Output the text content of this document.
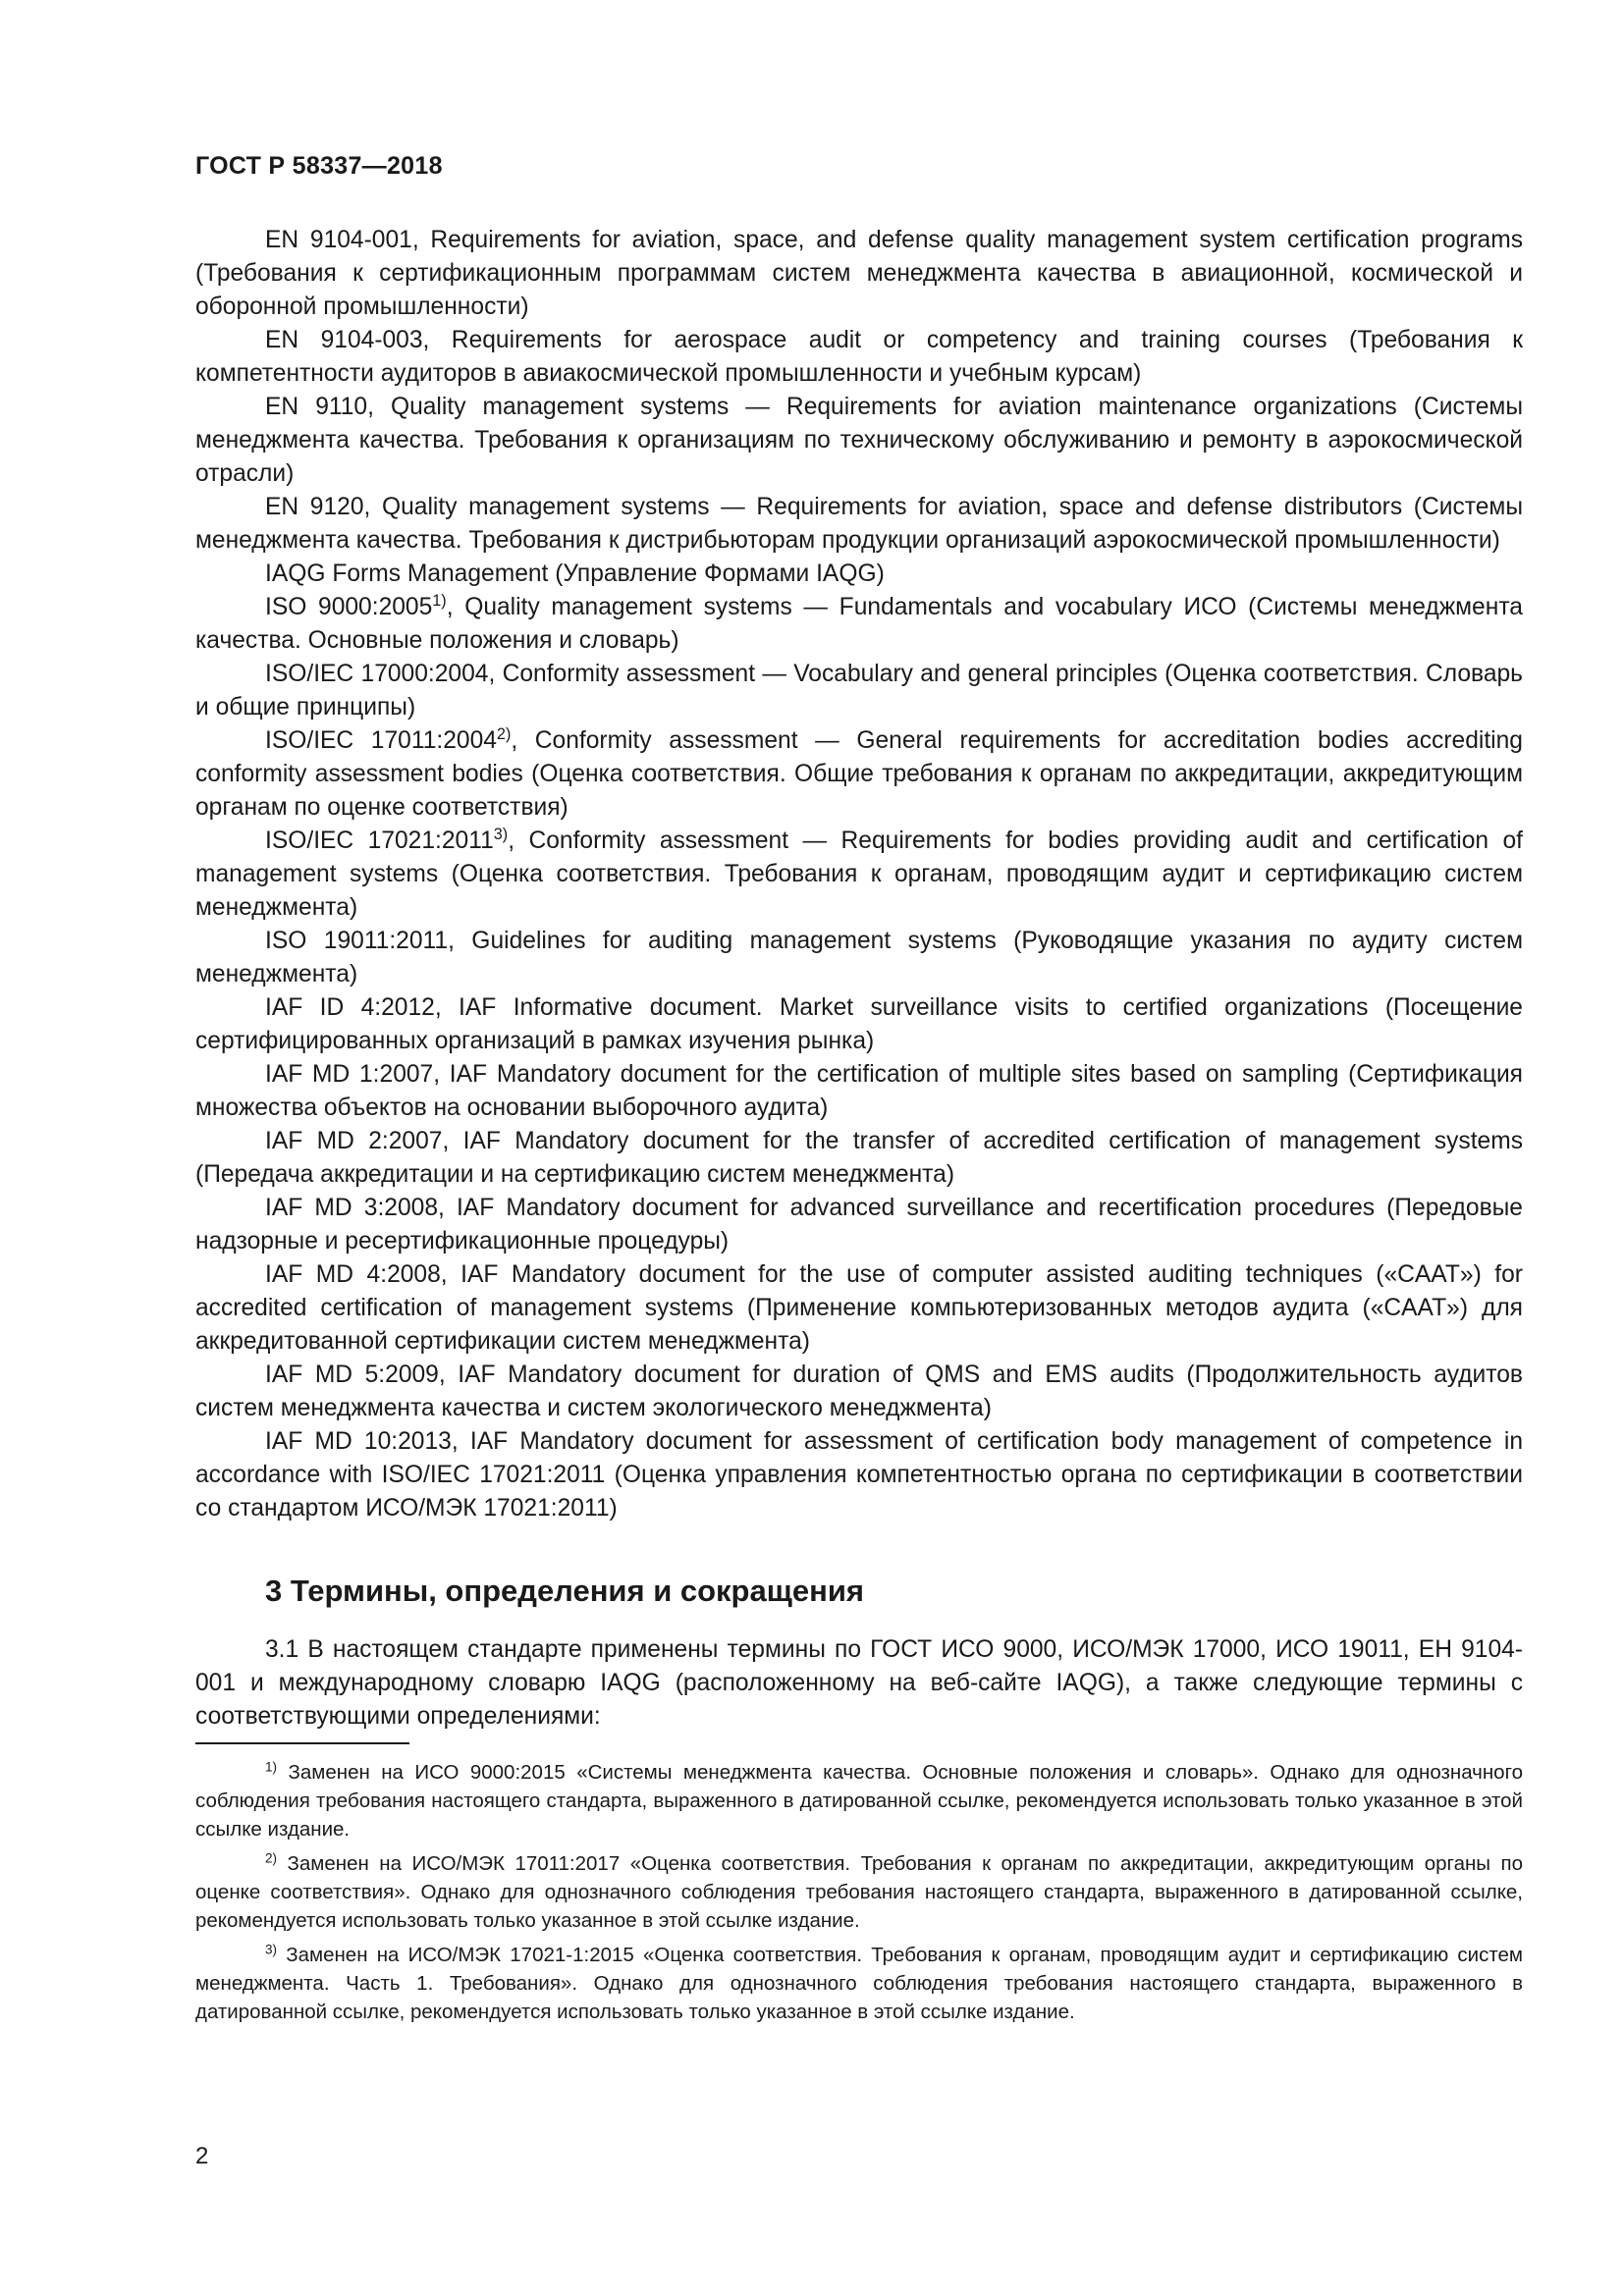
ГОСТ Р 58337—2018

EN 9104-001, Requirements for aviation, space, and defense quality management system certification programs (Требования к сертификационным программам систем менеджмента качества в авиационной, космической и оборонной промышленности)

EN 9104-003, Requirements for aerospace audit or competency and training courses (Требования к компетентности аудиторов в авиакосмической промышленности и учебным курсам)

EN 9110, Quality management systems — Requirements for aviation maintenance organizations (Системы менеджмента качества. Требования к организациям по техническому обслуживанию и ремонту в аэрокосмической отрасли)

EN 9120, Quality management systems — Requirements for aviation, space and defense distributors (Системы менеджмента качества. Требования к дистрибьюторам продукции организаций аэрокосмической промышленности)

IAQG Forms Management (Управление Формами IAQG)

ISO 9000:2005$^{1)}$, Quality management systems — Fundamentals and vocabulary ИСО (Системы менеджмента качества. Основные положения и словарь)

ISO/IEC 17000:2004, Conformity assessment — Vocabulary and general principles (Оценка соответствия. Словарь и общие принципы)

ISO/IEC 17011:2004$^{2)}$, Conformity assessment — General requirements for accreditation bodies accrediting conformity assessment bodies (Оценка соответствия. Общие требования к органам по аккредитации, аккредитующим органам по оценке соответствия)

ISO/IEC 17021:2011$^{3)}$, Conformity assessment — Requirements for bodies providing audit and certification of management systems (Оценка соответствия. Требования к органам, проводящим аудит и сертификацию систем менеджмента)

ISO 19011:2011, Guidelines for auditing management systems (Руководящие указания по аудиту систем менеджмента)

IAF ID 4:2012, IAF Informative document. Market surveillance visits to certified organizations (Посещение сертифицированных организаций в рамках изучения рынка)

IAF MD 1:2007, IAF Mandatory document for the certification of multiple sites based on sampling (Сертификация множества объектов на основании выборочного аудита)

IAF MD 2:2007, IAF Mandatory document for the transfer of accredited certification of management systems (Передача аккредитации и на сертификацию систем менеджмента)

IAF MD 3:2008, IAF Mandatory document for advanced surveillance and recertification procedures (Передовые надзорные и ресертификационные процедуры)

IAF MD 4:2008, IAF Mandatory document for the use of computer assisted auditing techniques («CAAT») for accredited certification of management systems (Применение компьютеризованных методов аудита («CAAT») для аккредитованной сертификации систем менеджмента)

IAF MD 5:2009, IAF Mandatory document for duration of QMS and EMS audits (Продолжительность аудитов систем менеджмента качества и систем экологического менеджмента)

IAF MD 10:2013, IAF Mandatory document for assessment of certification body management of competence in accordance with ISO/IEC 17021:2011 (Оценка управления компетентностью органа по сертификации в соответствии со стандартом ИСО/МЭК 17021:2011)

3 Термины, определения и сокращения

3.1 В настоящем стандарте применены термины по ГОСТ ИСО 9000, ИСО/МЭК 17000, ИСО 19011, ЕН 9104-001 и международному словарю IAQG (расположенному на веб-сайте IAQG), а также следующие термины с соответствующими определениями:

$^{1)}$ Заменен на ИСО 9000:2015 «Системы менеджмента качества. Основные положения и словарь». Однако для однозначного соблюдения требования настоящего стандарта, выраженного в датированной ссылке, рекомендуется использовать только указанное в этой ссылке издание.

$^{2)}$ Заменен на ИСО/МЭК 17011:2017 «Оценка соответствия. Требования к органам по аккредитации, аккредитующим органы по оценке соответствия». Однако для однозначного соблюдения требования настоящего стандарта, выраженного в датированной ссылке, рекомендуется использовать только указанное в этой ссылке издание.

$^{3)}$ Заменен на ИСО/МЭК 17021-1:2015 «Оценка соответствия. Требования к органам, проводящим аудит и сертификацию систем менеджмента. Часть 1. Требования». Однако для однозначного соблюдения требования настоящего стандарта, выраженного в датированной ссылке, рекомендуется использовать только указанное в этой ссылке издание.

2
